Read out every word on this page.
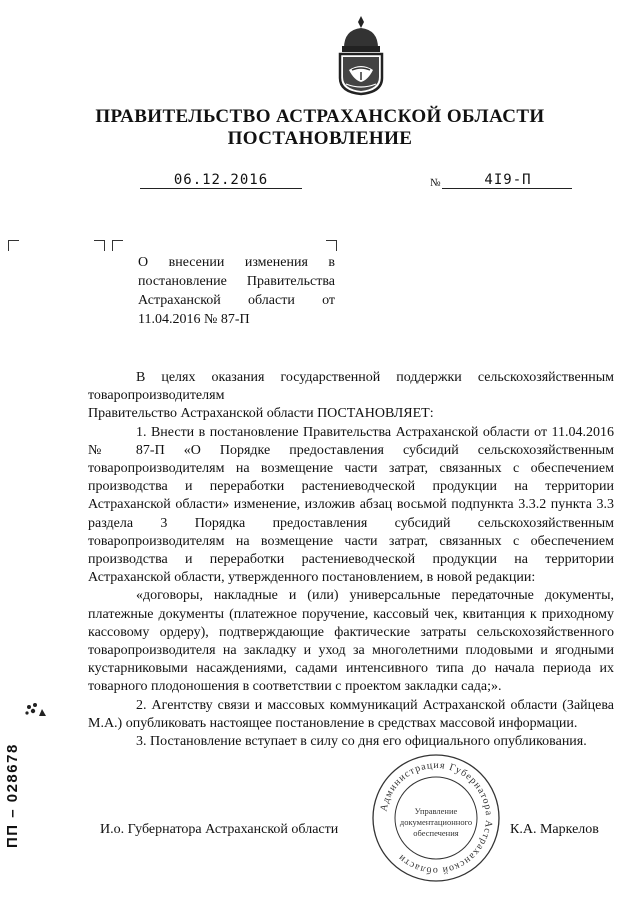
ПРАВИТЕЛЬСТВО АСТРАХАНСКОЙ ОБЛАСТИ
ПОСТАНОВЛЕНИЕ
06.12.2016	№	4I9-П
О внесении изменения в постановление Правительства Астраханской области от 11.04.2016 № 87-П

В целях оказания государственной поддержки сельскохозяйственным товаропроизводителям

Правительство Астраханской области ПОСТАНОВЛЯЕТ:

1. Внести в постановление Правительства Астраханской области от 11.04.2016 № 87-П «О Порядке предоставления субсидий сельскохозяйственным товаропроизводителям на возмещение части затрат, связанных с обеспечением производства и переработки растениеводческой продукции на территории Астраханской области» изменение, изложив абзац восьмой подпункта 3.3.2 пункта 3.3 раздела 3 Порядка предоставления субсидий сельскохозяйственным товаропроизводителям на возмещение части затрат, связанных с обеспечением производства и переработки растениеводческой продукции на территории Астраханской области, утвержденного постановлением, в новой редакции:

«договоры, накладные и (или) универсальные передаточные документы, платежные документы (платежное поручение, кассовый чек, квитанция к приходному кассовому ордеру), подтверждающие фактические затраты сельскохозяйственного товаропроизводителя на закладку и уход за многолетними плодовыми и ягодными кустарниковыми насаждениями, садами интенсивного типа до начала периода их товарного плодоношения в соответствии с проектом закладки сада;».

2. Агентству связи и массовых коммуникаций Астраханской области (Зайцева М.А.) опубликовать настоящее постановление в средствах массовой информации.

3. Постановление вступает в силу со дня его официального опубликования.

И.о. Губернатора Астраханской области	К.А. Маркелов
Администрация Губернатора Астраханской области
Управление
документационного
обеспечения
ПП – 028678
